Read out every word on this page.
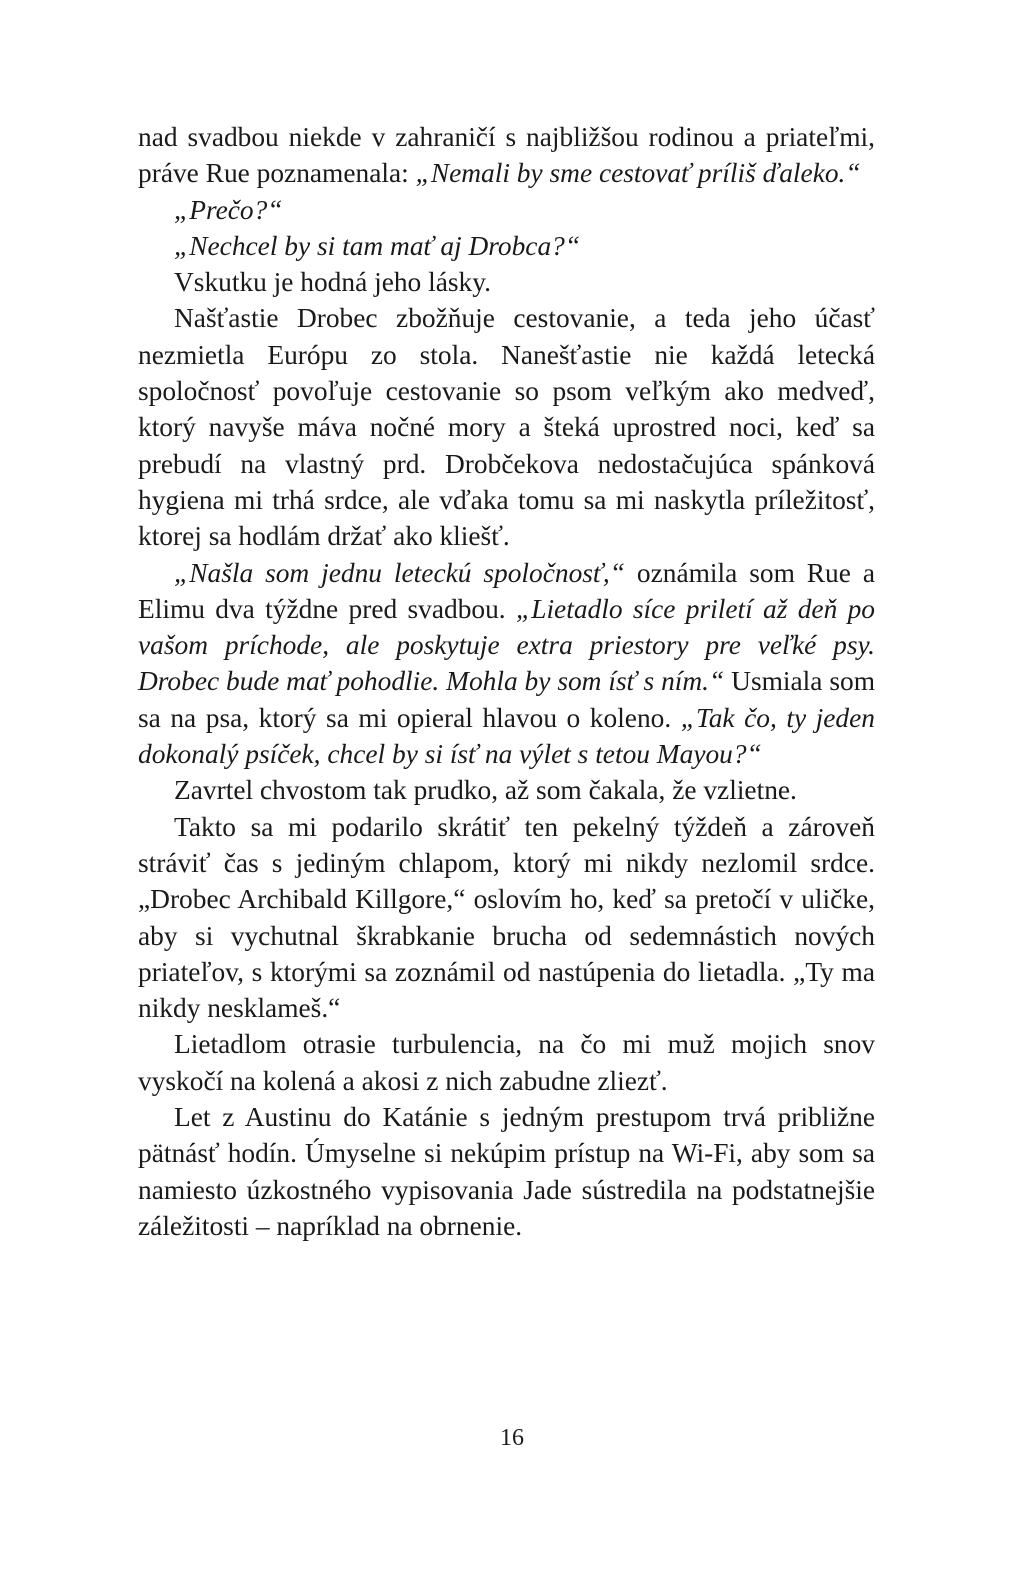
nad svadbou niekde v zahraničí s najbližšou rodinou a priateľmi, práve Rue poznamenala: „Nemali by sme cestovať príliš ďaleko.“

„Prečo?“

„Nechcel by si tam mať aj Drobca?“

Vskutku je hodná jeho lásky.

Našťastie Drobec zbožňuje cestovanie, a teda jeho účasť nezmietla Európu zo stola. Nanešťastie nie každá letecká spoločnosť povoľuje cestovanie so psom veľkým ako medveď, ktorý navyše máva nočné mory a šteká uprostred noci, keď sa prebudí na vlastný prd. Drobčekova nedostačujúca spánková hygiena mi trhá srdce, ale vďaka tomu sa mi naskytla príležitosť, ktorej sa hodlám držať ako kliešť.

„Našla som jednu leteckú spoločnosť,“ oznámila som Rue a Elimu dva týždne pred svadbou. „Lietadlo síce priletí až deň po vašom príchode, ale poskytuje extra priestory pre veľké psy. Drobec bude mať pohodlie. Mohla by som ísť s ním.“ Usmiala som sa na psa, ktorý sa mi opieral hlavou o koleno. „Tak čo, ty jeden dokonalý psíček, chcel by si ísť na výlet s tetou Mayou?“

Zavrtel chvostom tak prudko, až som čakala, že vzlietne.

Takto sa mi podarilo skrátiť ten pekelný týždeň a zároveň stráviť čas s jediným chlapom, ktorý mi nikdy nezlomil srdce. „Drobec Archibald Killgore,“ oslovím ho, keď sa pretočí v uličke, aby si vychutnal škrabkanie brucha od sedemnástich nových priateľov, s ktorými sa zoznámil od nastúpenia do lietadla. „Ty ma nikdy nesklameš.“

Lietadlom otrasie turbulencia, na čo mi muž mojich snov vyskočí na kolená a akosi z nich zabudne zliezť.

Let z Austinu do Katánie s jedným prestupom trvá približne pätnásť hodín. Úmyselne si nekúpim prístup na Wi-Fi, aby som sa namiesto úzkostného vypisovania Jade sústredila na podstatnejšie záležitosti – napríklad na obrnenie.

16
